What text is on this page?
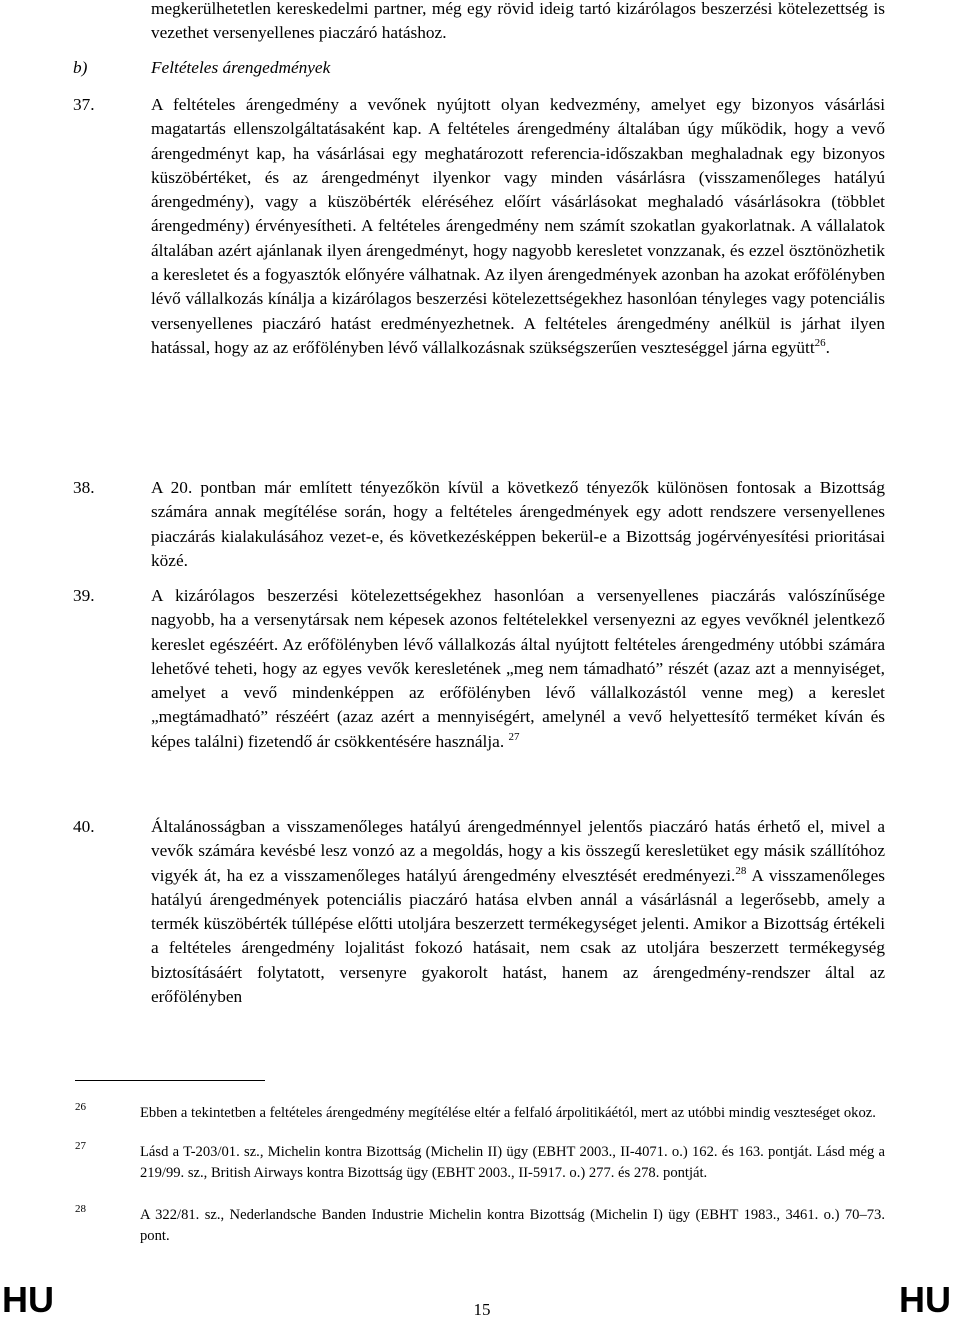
megkerülhetetlen kereskedelmi partner, még egy rövid ideig tartó kizárólagos beszerzési kötelezettség is vezethet versenyellenes piaczáró hatáshoz.
b)	Feltételes árengedmények
37.	A feltételes árengedmény a vevőnek nyújtott olyan kedvezmény, amelyet egy bizonyos vásárlási magatartás ellenszolgáltatásaként kap. A feltételes árengedmény általában úgy működik, hogy a vevő árengedményt kap, ha vásárlásai egy meghatározott referencia-időszakban meghaladnak egy bizonyos küszöbértéket, és az árengedményt ilyenkor vagy minden vásárlásra (visszamenőleges hatályú árengedmény), vagy a küszöbérték eléréséhez előírt vásárlásokat meghaladó vásárlásokra (többlet árengedmény) érvényesítheti. A feltételes árengedmény nem számít szokatlan gyakorlatnak. A vállalatok általában azért ajánlanak ilyen árengedményt, hogy nagyobb keresletet vonzzanak, és ezzel ösztönözhetik a keresletet és a fogyasztók előnyére válhatnak. Az ilyen árengedmények azonban ha azokat erőfölényben lévő vállalkozás kínálja a kizárólagos beszerzési kötelezettségekhez hasonlóan tényleges vagy potenciális versenyellenes piaczáró hatást eredményezhetnek. A feltételes árengedmény anélkül is járhat ilyen hatással, hogy az az erőfölényben lévő vállalkozásnak szükségszerűen veszteséggel járna együtt$^{26}$.
38.	A 20. pontban már említett tényezőkön kívül a következő tényezők különösen fontosak a Bizottság számára annak megítélése során, hogy a feltételes árengedmények egy adott rendszere versenyellenes piaczárás kialakulásához vezet-e, és következésképpen bekerül-e a Bizottság jogérvényesítési prioritásai közé.
39.	A kizárólagos beszerzési kötelezettségekhez hasonlóan a versenyellenes piaczárás valószínűsége nagyobb, ha a versenytársak nem képesek azonos feltételekkel versenyezni az egyes vevőknél jelentkező kereslet egészéért. Az erőfölényben lévő vállalkozás által nyújtott feltételes árengedmény utóbbi számára lehetővé teheti, hogy az egyes vevők keresletének „meg nem támadható” részét (azaz azt a mennyiséget, amelyet a vevő mindenképpen az erőfölényben lévő vállalkozástól venne meg) a kereslet „megtámadható” részéért (azaz azért a mennyiségért, amelynél a vevő helyettesítő terméket kíván és képes találni) fizetendő ár csökkentésére használja. $^{27}$
40.	Általánosságban a visszamenőleges hatályú árengedménnyel jelentős piaczáró hatás érhető el, mivel a vevők számára kevésbé lesz vonzó az a megoldás, hogy a kis összegű keresletüket egy másik szállítóhoz vigyék át, ha ez a visszamenőleges hatályú árengedmény elvesztését eredményezi.$^{28}$ A visszamenőleges hatályú árengedmények potenciális piaczáró hatása elvben annál a vásárlásnál a legerősebb, amely a termék küszöbérték túllépése előtti utoljára beszerzett termékegységet jelenti. Amikor a Bizottság értékeli a feltételes árengedmény lojalitást fokozó hatásait, nem csak az utoljára beszerzett termékegység biztosításáért folytatott, versenyre gyakorolt hatást, hanem az árengedmény-rendszer által az erőfölényben
26	Ebben a tekintetben a feltételes árengedmény megítélése eltér a felfaló árpolitikáétól, mert az utóbbi mindig veszteséget okoz.
27	Lásd a T-203/01. sz., Michelin kontra Bizottság (Michelin II) ügy (EBHT 2003., II-4071. o.) 162. és 163. pontját. Lásd még a 219/99. sz., British Airways kontra Bizottság ügy (EBHT 2003., II-5917. o.) 277. és 278. pontját.
28	A 322/81. sz., Nederlandsche Banden Industrie Michelin kontra Bizottság (Michelin I) ügy (EBHT 1983., 3461. o.) 70–73. pont.
HU	15	HU
